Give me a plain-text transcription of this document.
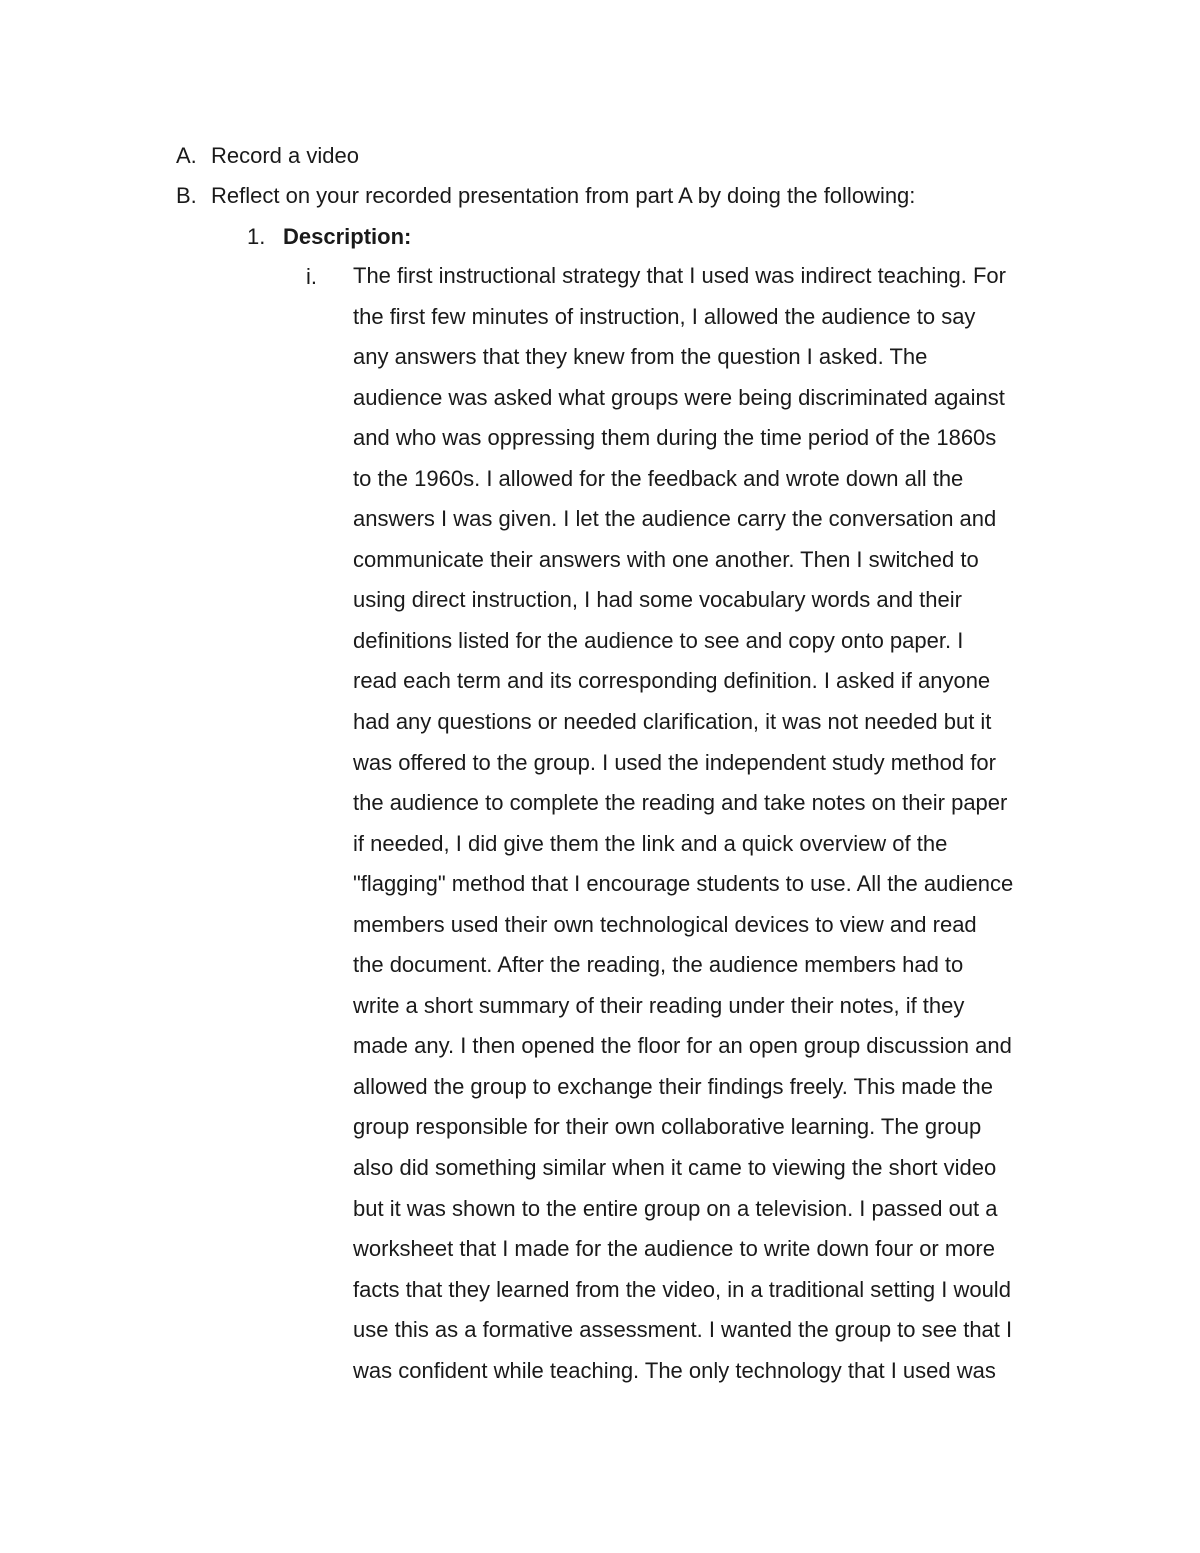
A. Record a video
B. Reflect on your recorded presentation from part A by doing the following:
1. Description:
i. The first instructional strategy that I used was indirect teaching. For
the first few minutes of instruction, I allowed the audience to say
any answers that they knew from the question I asked. The
audience was asked what groups were being discriminated against
and who was oppressing them during the time period of the 1860s
to the 1960s. I allowed for the feedback and wrote down all the
answers I was given. I let the audience carry the conversation and
communicate their answers with one another. Then I switched to
using direct instruction, I had some vocabulary words and their
definitions listed for the audience to see and copy onto paper. I
read each term and its corresponding definition. I asked if anyone
had any questions or needed clarification, it was not needed but it
was offered to the group. I used the independent study method for
the audience to complete the reading and take notes on their paper
if needed, I did give them the link and a quick overview of the
"flagging" method that I encourage students to use. All the audience
members used their own technological devices to view and read
the document. After the reading, the audience members had to
write a short summary of their reading under their notes, if they
made any. I then opened the floor for an open group discussion and
allowed the group to exchange their findings freely. This made the
group responsible for their own collaborative learning. The group
also did something similar when it came to viewing the short video
but it was shown to the entire group on a television. I passed out a
worksheet that I made for the audience to write down four or more
facts that they learned from the video, in a traditional setting I would
use this as a formative assessment. I wanted the group to see that I
was confident while teaching. The only technology that I used was
